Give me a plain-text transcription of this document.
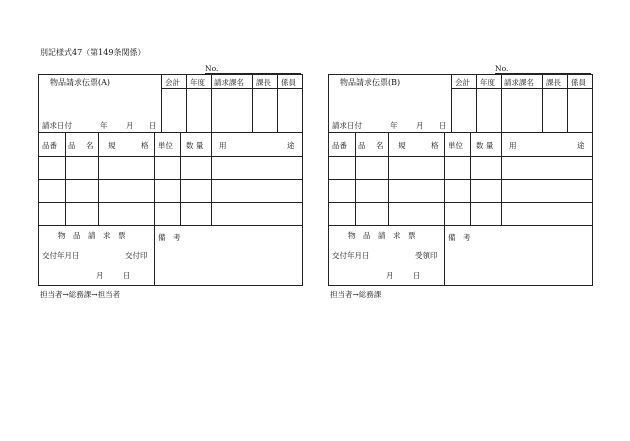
別記様式47（第149条関係）
No.
物品請求伝票(A)	会計 年度 請求課名 課長 係員
請求日付	年 月 日
品番 品 名 規	格 単位 数 量 用	途
物　品　請　求　票	備　考
交付年月日	交付印
月	日
担当者→総務課→担当者
No.
物品請求伝票(B)	会計 年度 請求課名 課長 係員
請求日付	年 月 日
品番 品 名 規	格 単位 数 量 用	途
物　品　請　求　票	備　考
交付年月日	受領印
月	日
担当者→総務課
